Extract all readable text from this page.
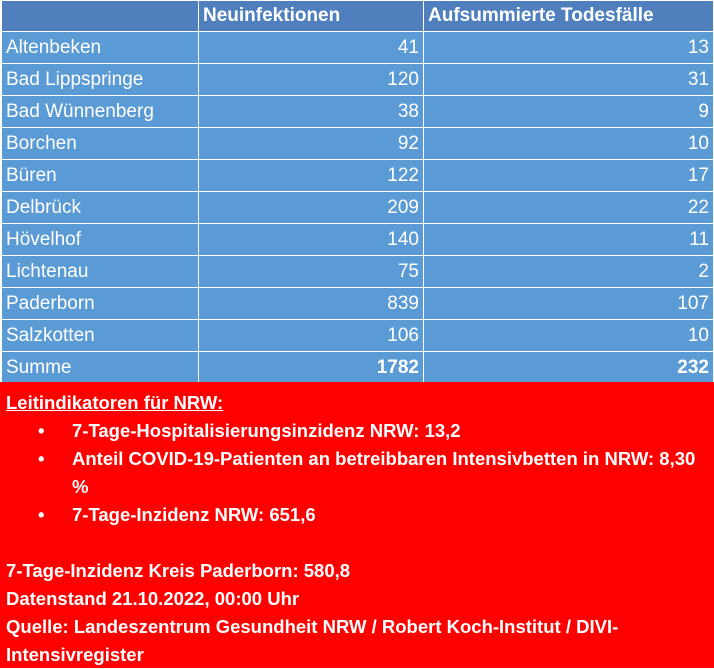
	Neuinfektionen	Aufsummierte Todesfälle
Altenbeken	41	13
Bad Lippspringe	120	31
Bad Wünnenberg	38	9
Borchen	92	10
Büren	122	17
Delbrück	209	22
Hövelhof	140	11
Lichtenau	75	2
Paderborn	839	107
Salzkotten	106	10
Summe	1782	232
Leitindikatoren für NRW:
• 7-Tage-Hospitalisierungsinzidenz NRW: 13,2
• Anteil COVID-19-Patienten an betreibbaren Intensivbetten in NRW: 8,30 %
• 7-Tage-Inzidenz NRW: 651,6
7-Tage-Inzidenz Kreis Paderborn: 580,8
Datenstand 21.10.2022, 00:00 Uhr
Quelle: Landeszentrum Gesundheit NRW / Robert Koch-Institut / DIVI-Intensivregister
